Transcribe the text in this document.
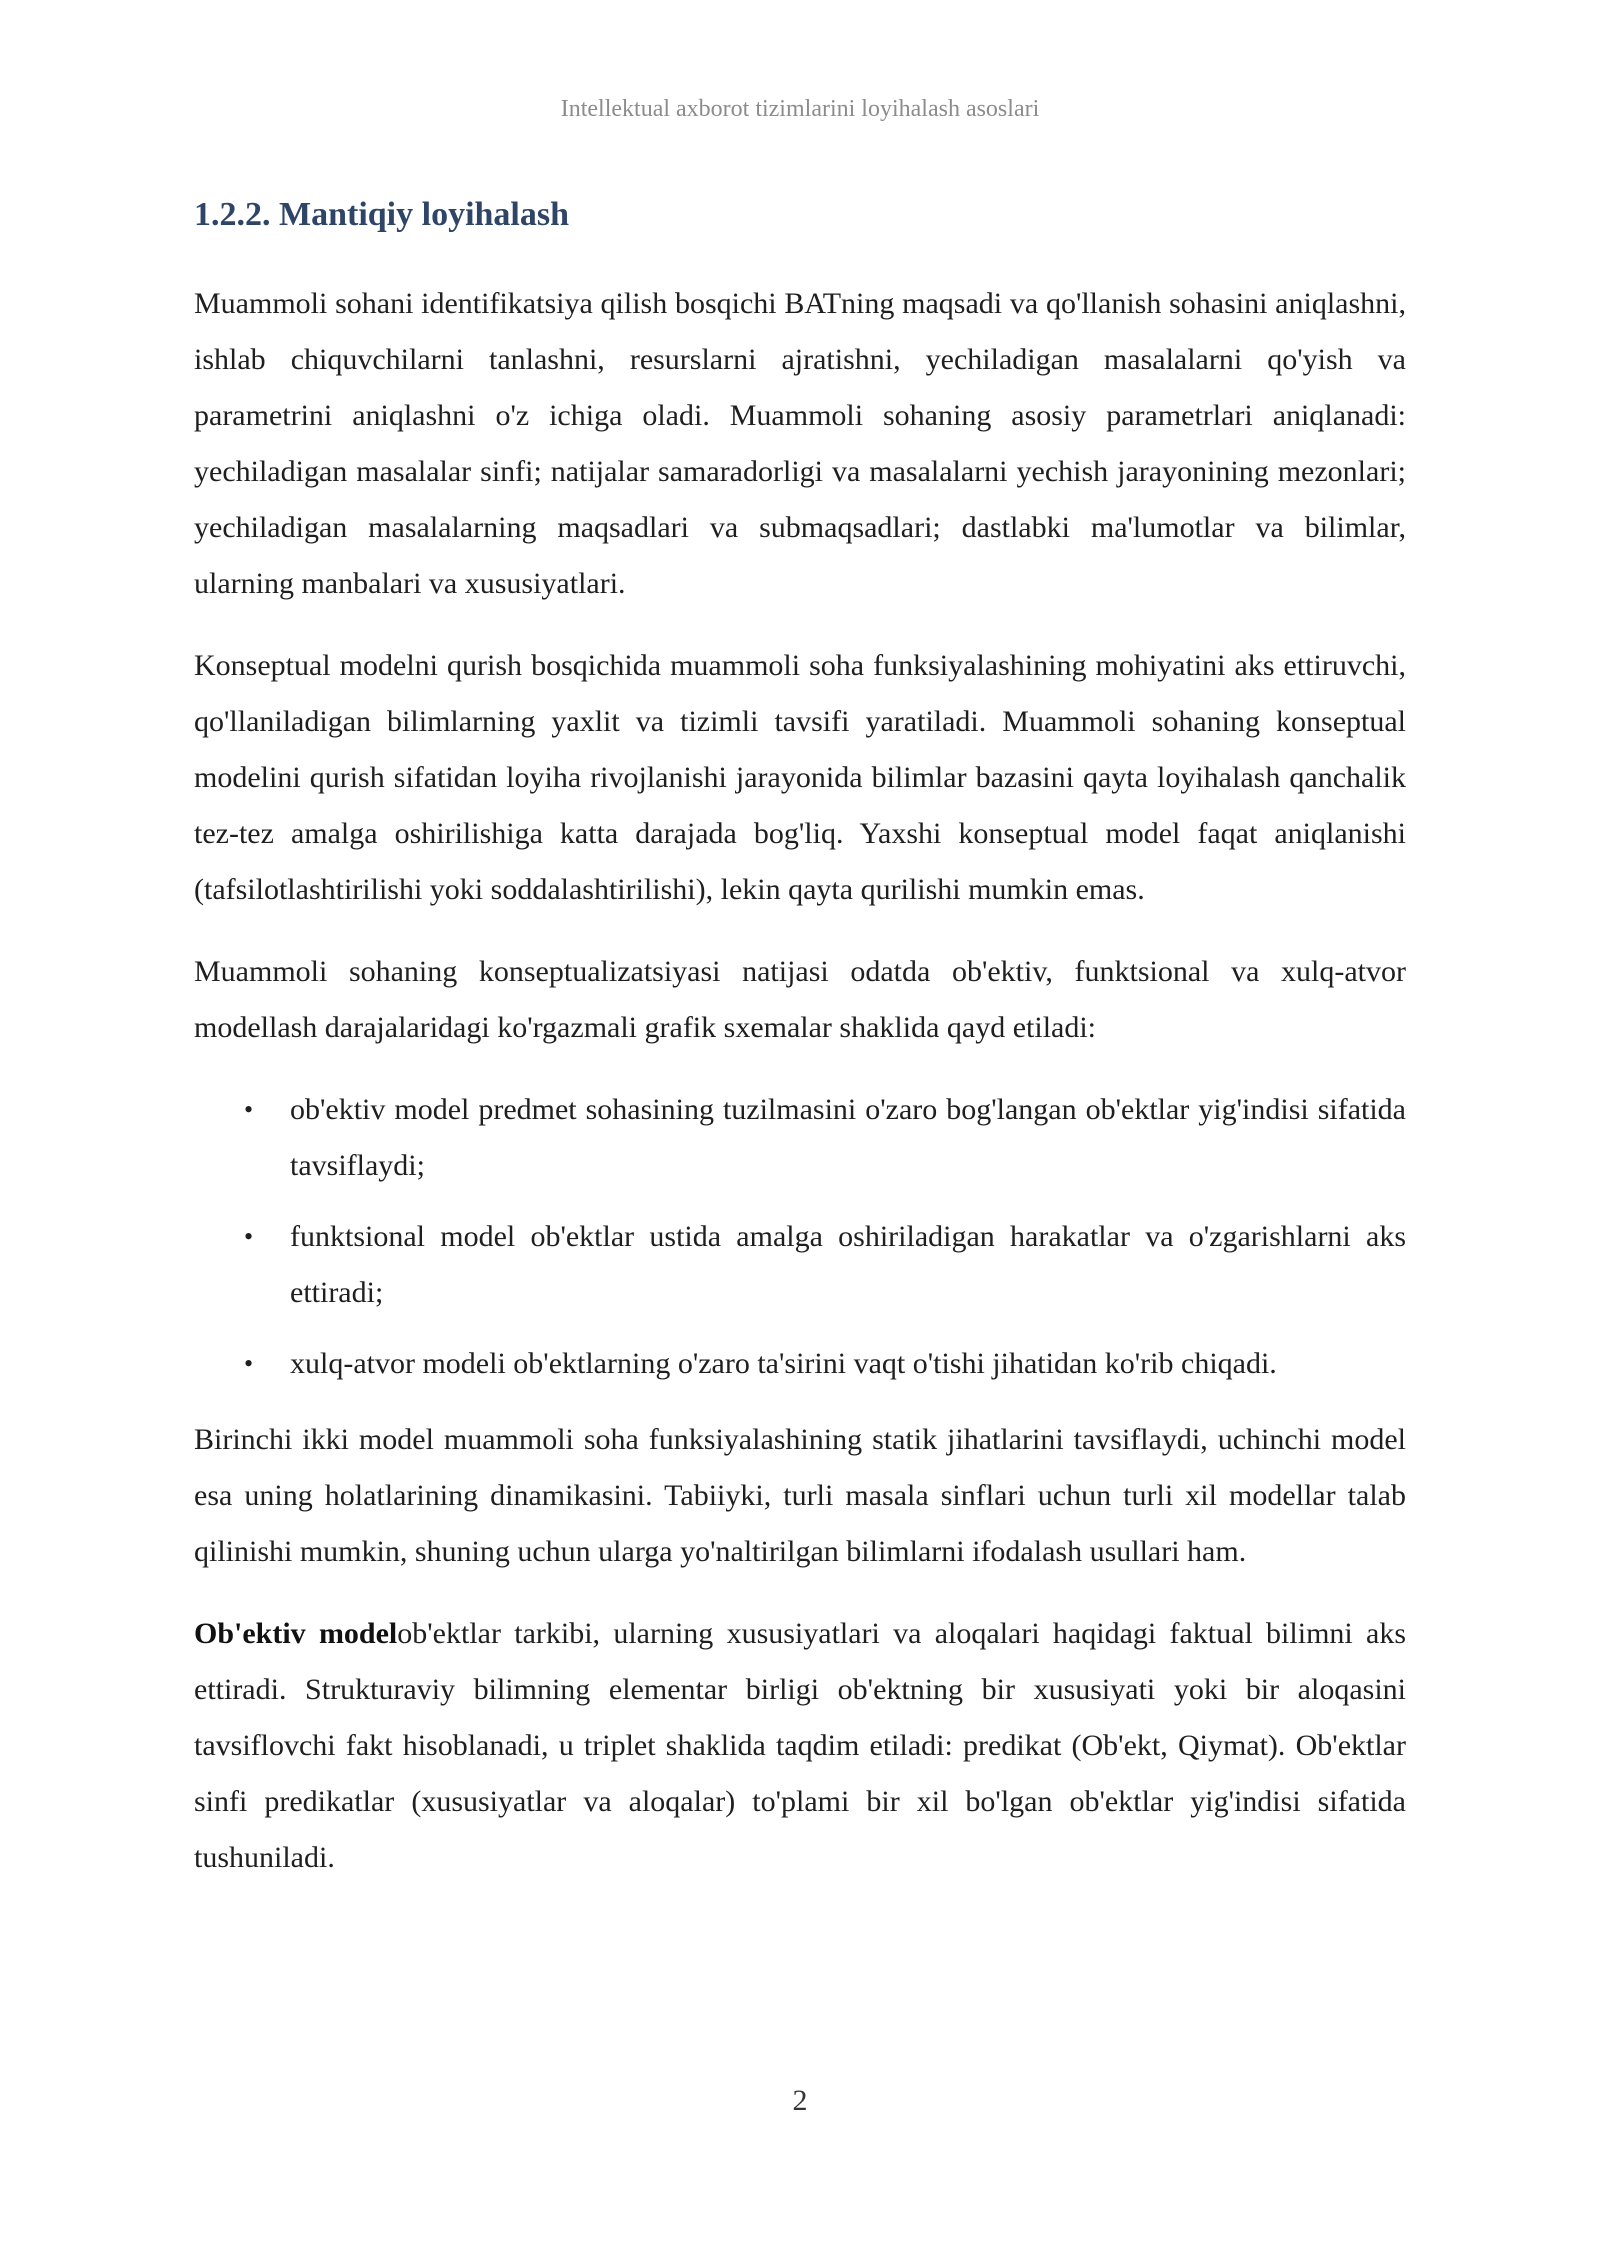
Intellektual axborot tizimlarini loyihalash asoslari
1.2.2. Mantiqiy loyihalash

Muammoli sohani identifikatsiya qilish bosqichi BATning maqsadi va qo'llanish sohasini aniqlashni, ishlab chiquvchilarni tanlashni, resurslarni ajratishni, yechiladigan masalalarni qo'yish va parametrini aniqlashni o'z ichiga oladi. Muammoli sohaning asosiy parametrlari aniqlanadi: yechiladigan masalalar sinfi; natijalar samaradorligi va masalalarni yechish jarayonining mezonlari; yechiladigan masalalarning maqsadlari va submaqsadlari; dastlabki ma'lumotlar va bilimlar, ularning manbalari va xususiyatlari.

Konseptual modelni qurish bosqichida muammoli soha funksiyalashining mohiyatini aks ettiruvchi, qo'llaniladigan bilimlarning yaxlit va tizimli tavsifi yaratiladi. Muammoli sohaning konseptual modelini qurish sifatidan loyiha rivojlanishi jarayonida bilimlar bazasini qayta loyihalash qanchalik tez-tez amalga oshirilishiga katta darajada bog'liq. Yaxshi konseptual model faqat aniqlanishi (tafsilotlashtirilishi yoki soddalashtirilishi), lekin qayta qurilishi mumkin emas.

Muammoli sohaning konseptualizatsiyasi natijasi odatda ob'ektiv, funktsional va xulq-atvor modellash darajalaridagi ko'rgazmali grafik sxemalar shaklida qayd etiladi:

• ob'ektiv model predmet sohasining tuzilmasini o'zaro bog'langan ob'ektlar yig'indisi sifatida tavsiflaydi;
• funktsional model ob'ektlar ustida amalga oshiriladigan harakatlar va o'zgarishlarni aks ettiradi;
• xulq-atvor modeli ob'ektlarning o'zaro ta'sirini vaqt o'tishi jihatidan ko'rib chiqadi.

Birinchi ikki model muammoli soha funksiyalashining statik jihatlarini tavsiflaydi, uchinchi model esa uning holatlarining dinamikasini. Tabiiyki, turli masala sinflari uchun turli xil modellar talab qilinishi mumkin, shuning uchun ularga yo'naltirilgan bilimlarni ifodalash usullari ham.

Ob'ektiv modelob'ektlar tarkibi, ularning xususiyatlari va aloqalari haqidagi faktual bilimni aks ettiradi. Strukturaviy bilimning elementar birligi ob'ektning bir xususiyati yoki bir aloqasini tavsiflovchi fakt hisoblanadi, u triplet shaklida taqdim etiladi: predikat (Ob'ekt, Qiymat). Ob'ektlar sinfi predikatlar (xususiyatlar va aloqalar) to'plami bir xil bo'lgan ob'ektlar yig'indisi sifatida tushuniladi.

2
